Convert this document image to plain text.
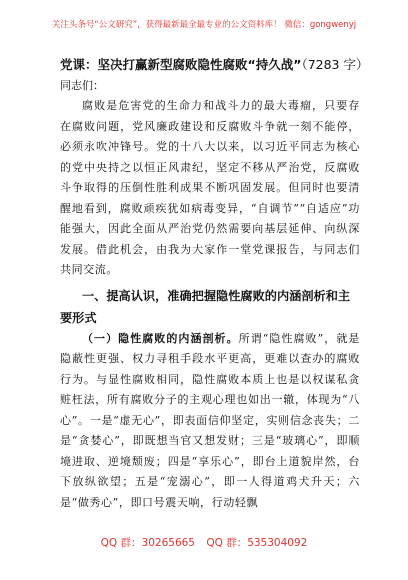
关注头条号“公文研究”，获得最新最全最专业的公文资料库！ 微信：gongwenyj
党课：坚决打赢新型腐败隐性腐败“持久战”（7283 字）
同志们：

腐败是危害党的生命力和战斗力的最大毒瘤，只要存在腐败问题，党风廉政建设和反腐败斗争就一刻不能停，必须永吹冲锋号。党的十八大以来，以习近平同志为核心的党中央持之以恒正风肃纪，坚定不移从严治党，反腐败斗争取得的压倒性胜利成果不断巩固发展。但同时也要清醒地看到，腐败顽疾犹如病毒变异，“自调节”“自适应”功能强大，因此全面从严治党仍然需要向基层延伸、向纵深发展。借此机会，由我为大家作一堂党课报告，与同志们共同交流。

一、提高认识，准确把握隐性腐败的内涵剖析和主要形式

（一）隐性腐败的内涵剖析。所谓“隐性腐败”，就是隐蔽性更强、权力寻租手段水平更高，更难以查办的腐败行为。与显性腐败相同，隐性腐败本质上也是以权谋私贪赃枉法，所有腐败分子的主观心理也如出一辙，体现为“八心”。一是“虚无心”，即表面信仰坚定，实则信念丧失；二是“贪婪心”，即既想当官又想发财；三是“玻璃心”，即顺境进取、逆境颓废；四是“享乐心”，即台上道貌岸然，台下放纵欲望；五是“宠溺心”，即一人得道鸡犬升天；六是“做秀心”，即口号震天响，行动轻飘

QQ 群：30265665 QQ 群：535304092
